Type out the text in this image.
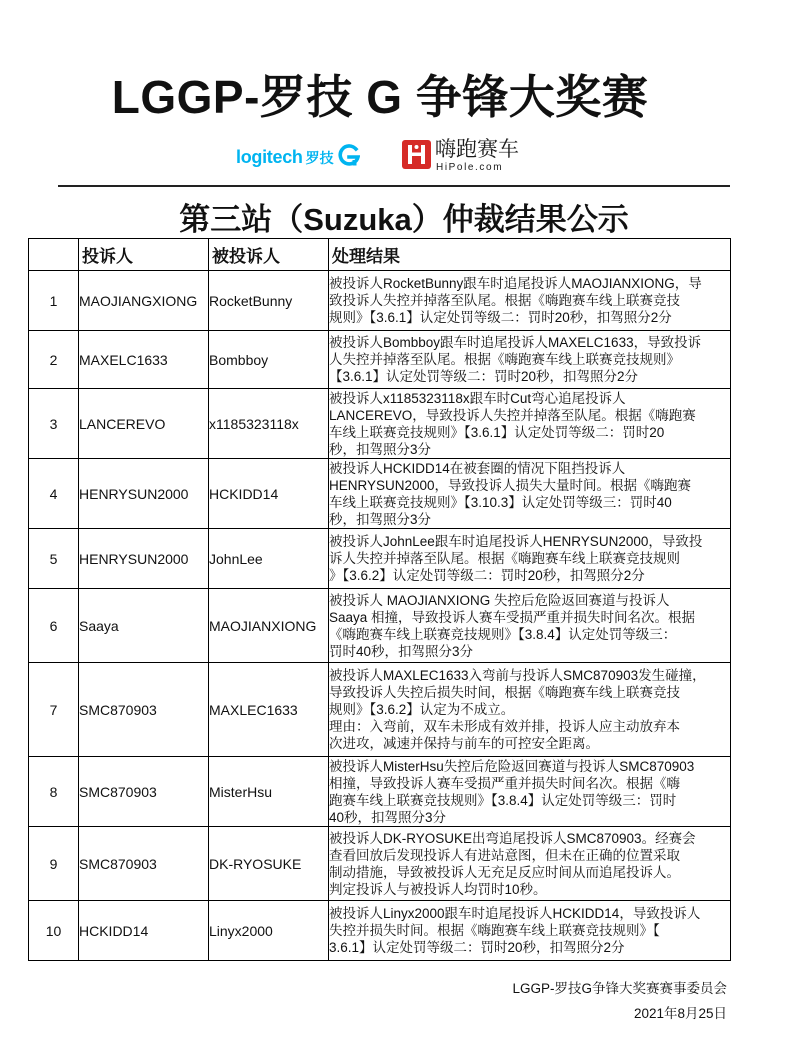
LGGP-罗技 G 争锋大奖赛
logitech 罗技	嗨跑赛车
HiPole.com
第三站（Suzuka）仲裁结果公示
	投诉人	被投诉人	处理结果
1	MAOJIANGXIONG	RocketBunny	被投诉人RocketBunny跟车时追尾投诉人MAOJIANXIONG，导
致投诉人失控并掉落至队尾。根据《嗨跑赛车线上联赛竞技
规则》【3.6.1】认定处罚等级二：罚时20秒，扣驾照分2分

2	MAXELC1633	Bombboy	被投诉人Bombboy跟车时追尾投诉人MAXELC1633，导致投诉
人失控并掉落至队尾。根据《嗨跑赛车线上联赛竞技规则》
【3.6.1】认定处罚等级二：罚时20秒，扣驾照分2分

3	LANCEREVO	x1185323118x	被投诉人x1185323118x跟车时Cut弯心追尾投诉人
LANCEREVO，导致投诉人失控并掉落至队尾。根据《嗨跑赛
车线上联赛竞技规则》【3.6.1】认定处罚等级二：罚时20
秒，扣驾照分3分

4	HENRYSUN2000	HCKIDD14	被投诉人HCKIDD14在被套圈的情况下阻挡投诉人
HENRYSUN2000，导致投诉人损失大量时间。根据《嗨跑赛
车线上联赛竞技规则》【3.10.3】认定处罚等级三：罚时40
秒，扣驾照分3分

5	HENRYSUN2000	JohnLee	被投诉人JohnLee跟车时追尾投诉人HENRYSUN2000，导致投
诉人失控并掉落至队尾。根据《嗨跑赛车线上联赛竞技规则
》【3.6.2】认定处罚等级二：罚时20秒，扣驾照分2分

6	Saaya	MAOJIANXIONG	被投诉人 MAOJIANXIONG 失控后危险返回赛道与投诉人
Saaya 相撞，导致投诉人赛车受损严重并损失时间名次。根据
《嗨跑赛车线上联赛竞技规则》【3.8.4】认定处罚等级三：
罚时40秒，扣驾照分3分

7	SMC870903	MAXLEC1633	被投诉人MAXLEC1633入弯前与投诉人SMC870903发生碰撞，
导致投诉人失控后损失时间，根据《嗨跑赛车线上联赛竞技
规则》【3.6.2】认定为不成立。
理由：入弯前，双车未形成有效并排，投诉人应主动放弃本
次进攻，减速并保持与前车的可控安全距离。

8	SMC870903	MisterHsu	被投诉人MisterHsu失控后危险返回赛道与投诉人SMC870903
相撞，导致投诉人赛车受损严重并损失时间名次。根据《嗨
跑赛车线上联赛竞技规则》【3.8.4】认定处罚等级三：罚时
40秒，扣驾照分3分

9	SMC870903	DK-RYOSUKE	被投诉人DK-RYOSUKE出弯追尾投诉人SMC870903。经赛会
查看回放后发现投诉人有进站意图，但未在正确的位置采取
制动措施，导致被投诉人无充足反应时间从而追尾投诉人。
判定投诉人与被投诉人均罚时10秒。

10	HCKIDD14	Linyx2000	被投诉人Linyx2000跟车时追尾投诉人HCKIDD14，导致投诉人
失控并损失时间。根据《嗨跑赛车线上联赛竞技规则》【
3.6.1】认定处罚等级二：罚时20秒，扣驾照分2分
LGGP-罗技G争锋大奖赛赛事委员会
2021年8月25日
